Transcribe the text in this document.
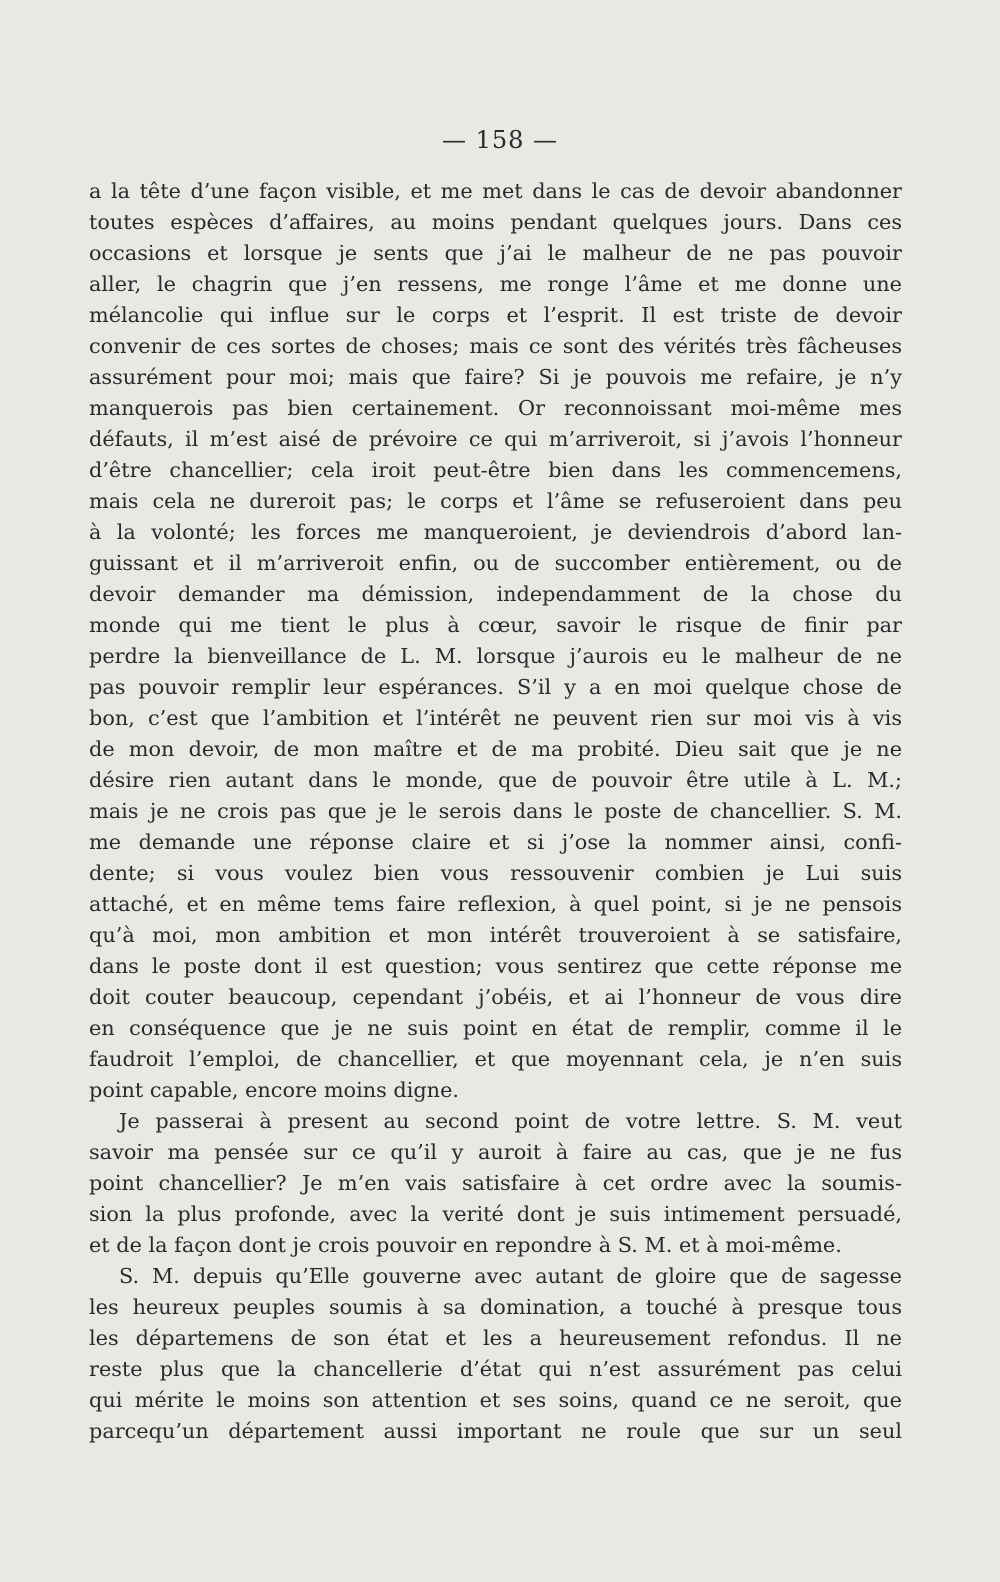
— 158 —
a la tête d’une façon visible, et me met dans le cas de devoir abandonner
toutes espèces d’affaires, au moins pendant quelques jours. Dans ces
occasions et lorsque je sents que j’ai le malheur de ne pas pouvoir
aller, le chagrin que j’en ressens, me ronge l’âme et me donne une
mélancolie qui influe sur le corps et l’esprit. Il est triste de devoir
convenir de ces sortes de choses; mais ce sont des vérités très fâcheuses
assurément pour moi; mais que faire? Si je pouvois me refaire, je n’y
manquerois pas bien certainement. Or reconnoissant moi-même mes
défauts, il m’est aisé de prévoire ce qui m’arriveroit, si j’avois l’honneur
d’être chancellier; cela iroit peut-être bien dans les commencemens,
mais cela ne dureroit pas; le corps et l’âme se refuseroient dans peu
à la volonté; les forces me manqueroient, je deviendrois d’abord lan-
guissant et il m’arriveroit enfin, ou de succomber entièrement, ou de
devoir demander ma démission, independamment de la chose du
monde qui me tient le plus à cœur, savoir le risque de finir par
perdre la bienveillance de L. M. lorsque j’aurois eu le malheur de ne
pas pouvoir remplir leur espérances. S’il y a en moi quelque chose de
bon, c’est que l’ambition et l’intérêt ne peuvent rien sur moi vis à vis
de mon devoir, de mon maître et de ma probité. Dieu sait que je ne
désire rien autant dans le monde, que de pouvoir être utile à L. M.;
mais je ne crois pas que je le serois dans le poste de chancellier. S. M.
me demande une réponse claire et si j’ose la nommer ainsi, confi-
dente; si vous voulez bien vous ressouvenir combien je Lui suis
attaché, et en même tems faire reflexion, à quel point, si je ne pensois
qu’à moi, mon ambition et mon intérêt trouveroient à se satisfaire,
dans le poste dont il est question; vous sentirez que cette réponse me
doit couter beaucoup, cependant j’obéis, et ai l’honneur de vous dire
en conséquence que je ne suis point en état de remplir, comme il le
faudroit l’emploi, de chancellier, et que moyennant cela, je n’en suis
point capable, encore moins digne.
Je passerai à present au second point de votre lettre. S. M. veut
savoir ma pensée sur ce qu’il y auroit à faire au cas, que je ne fus
point chancellier? Je m’en vais satisfaire à cet ordre avec la soumis-
sion la plus profonde, avec la verité dont je suis intimement persuadé,
et de la façon dont je crois pouvoir en repondre à S. M. et à moi-même.
S. M. depuis qu’Elle gouverne avec autant de gloire que de sagesse
les heureux peuples soumis à sa domination, a touché à presque tous
les départemens de son état et les a heureusement refondus. Il ne
reste plus que la chancellerie d’état qui n’est assurément pas celui
qui mérite le moins son attention et ses soins, quand ce ne seroit, que
parcequ’un département aussi important ne roule que sur un seul
